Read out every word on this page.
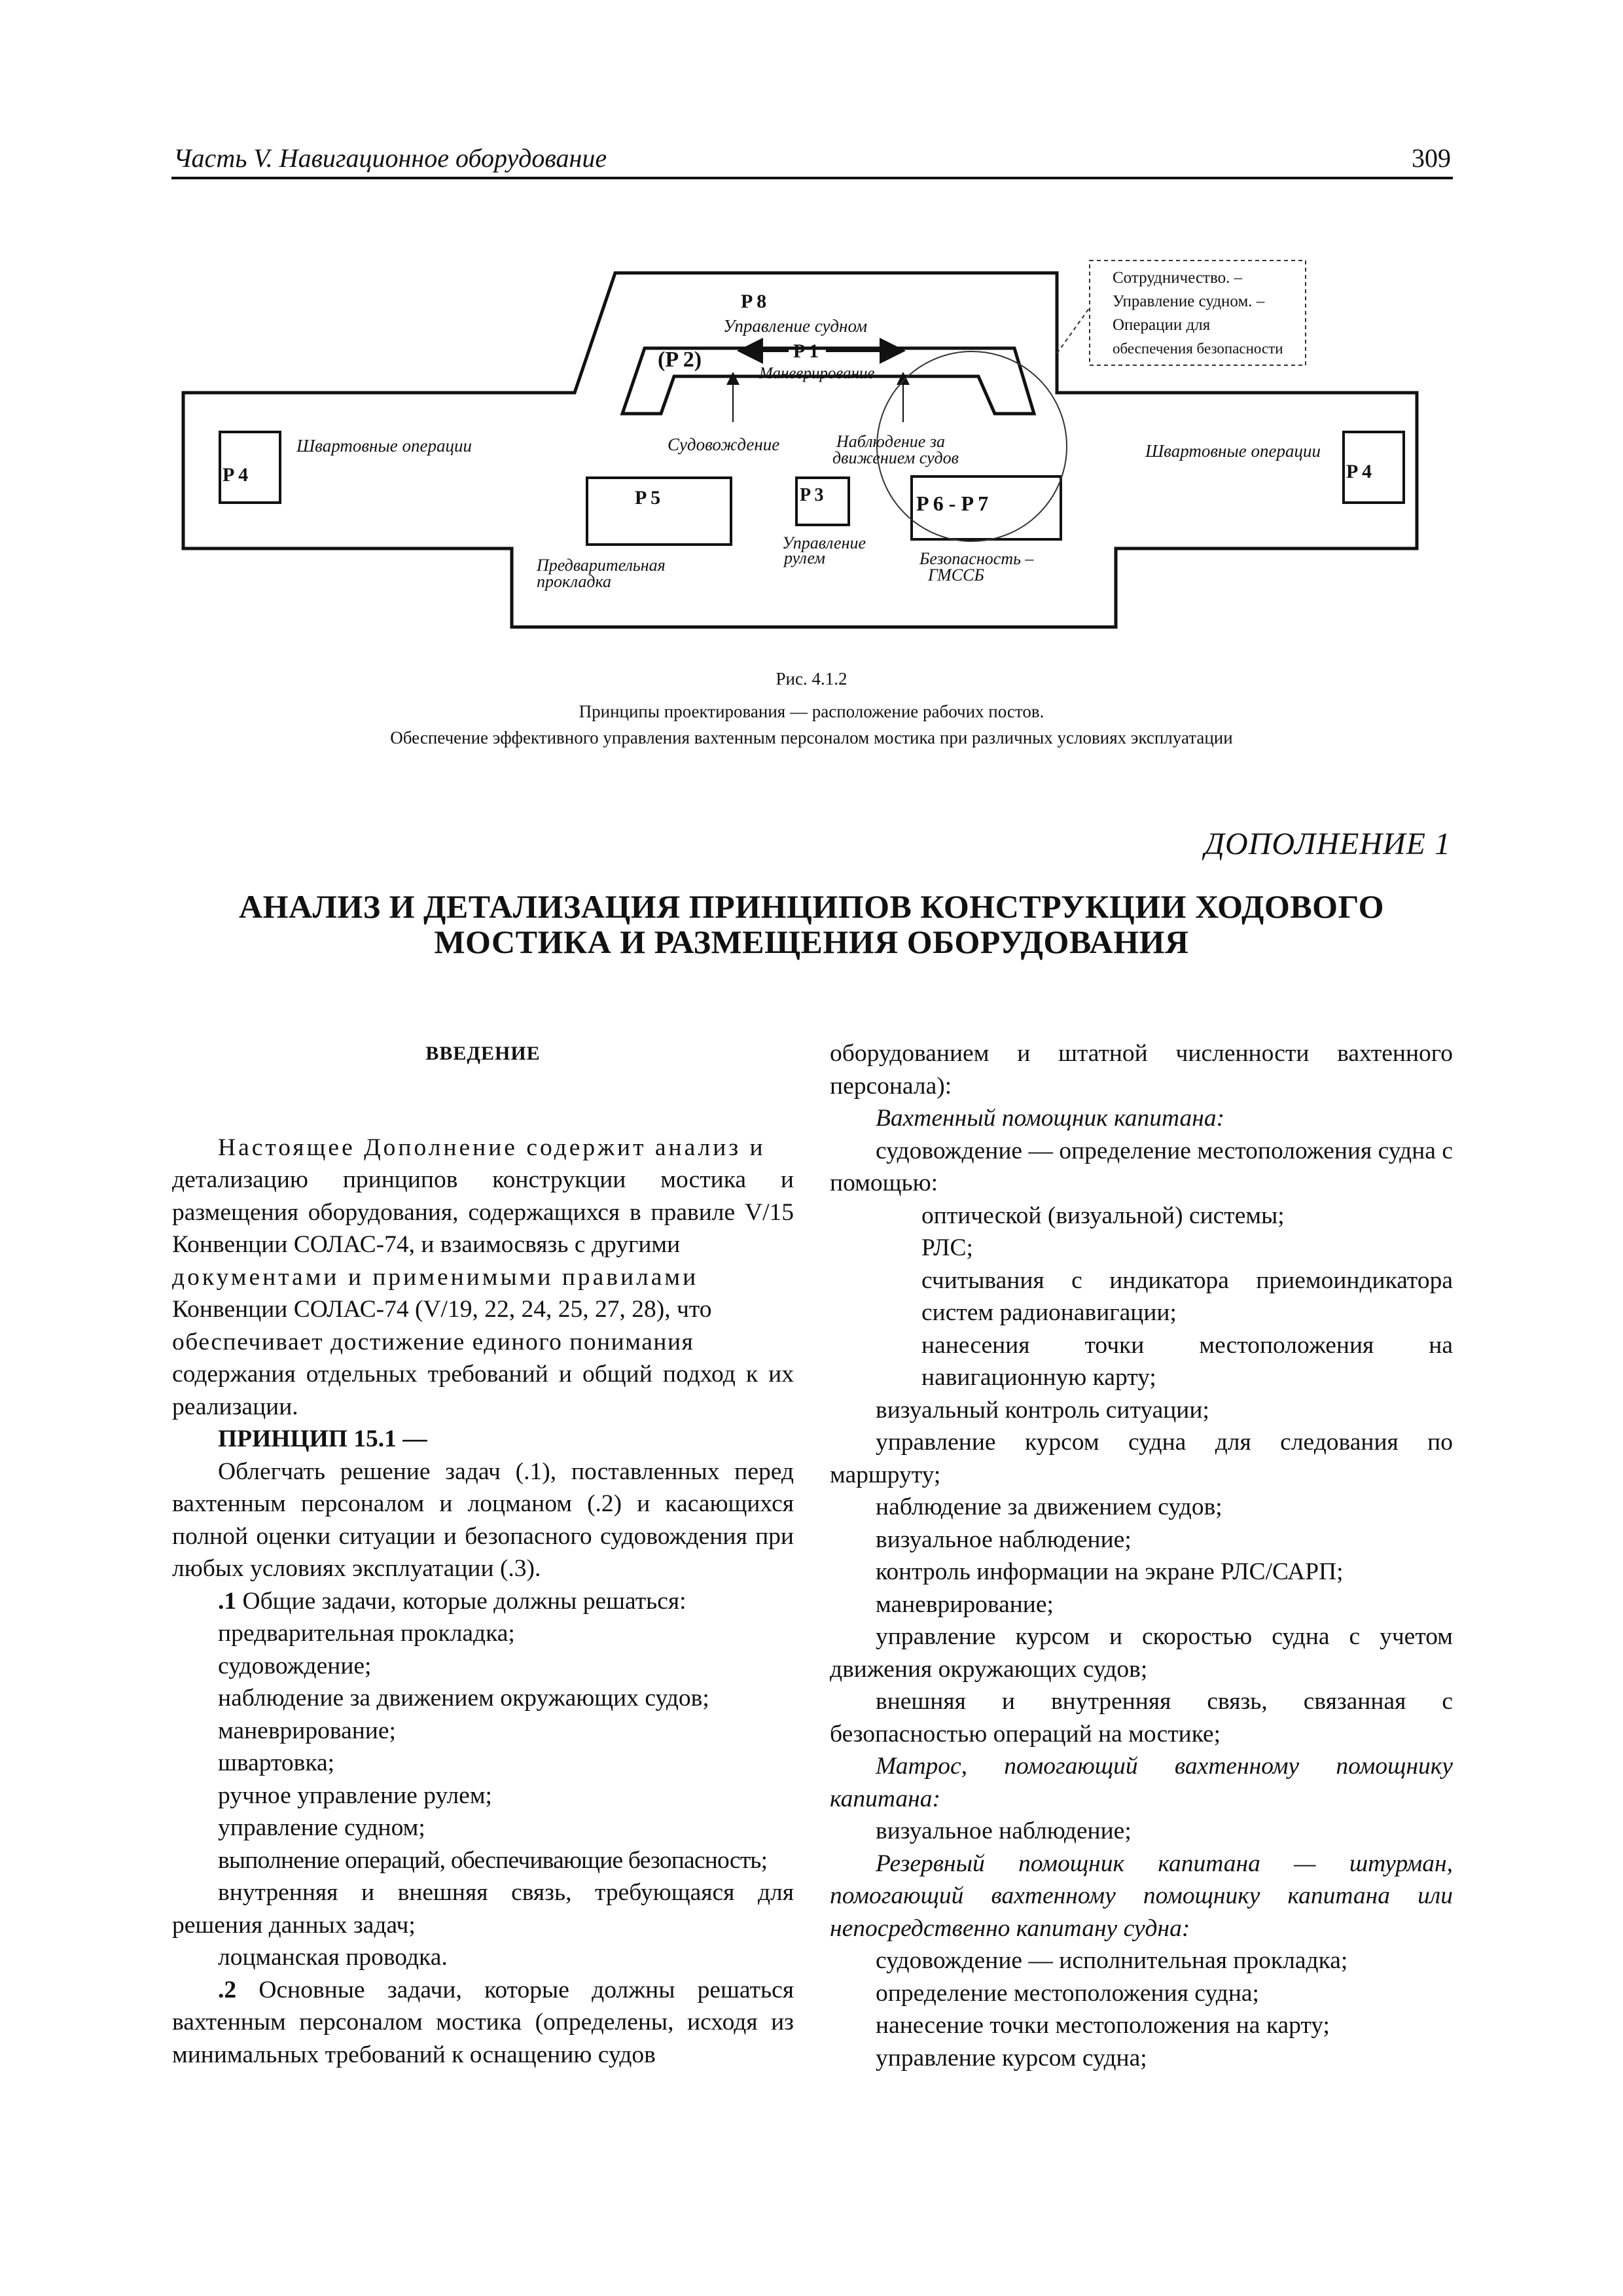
Часть V. Навигационное оборудование	309
P 4
Швартовные операции
P 4
Швартовные операции
P 8
Управление судном
(P 2)	P 1
Маневрирование
Судовождение	Наблюдение за
движением судов
P 5	P 3	P 6 - P 7
Управление
рулем
Предварительная
прокладка
Безопасность –
ГМССБ
Сотрудничество. –
Управление судном. –
Операции для
обеспечения безопасности
Рис. 4.1.2
Принципы проектирования — расположение рабочих постов.
Обеспечение эффективного управления вахтенным персоналом мостика при различных условиях эксплуатации
ДОПОЛНЕНИЕ 1
АНАЛИЗ И ДЕТАЛИЗАЦИЯ ПРИНЦИПОВ КОНСТРУКЦИИ ХОДОВОГО
МОСТИКА И РАЗМЕЩЕНИЯ ОБОРУДОВАНИЯ

ВВЕДЕНИЕ

Настоящее Дополнение содержит анализ и

детализацию принципов конструкции мостика и размещения оборудования, содержащихся в правиле V/15 Конвенции СОЛАС-74, и взаимосвязь с другими

документами и применимыми правилами

Конвенции СОЛАС-74 (V/19, 22, 24, 25, 27, 28), что

обеспечивает достижение единого понимания

содержания отдельных требований и общий подход к их реализации.

ПРИНЦИП 15.1 —

Облегчать решение задач (.1), поставленных перед вахтенным персоналом и лоцманом (.2) и касающихся полной оценки ситуации и безопасного судовождения при любых условиях эксплуатации (.3).

.1 Общие задачи, которые должны решаться:

предварительная прокладка;

судовождение;

наблюдение за движением окружающих судов;

маневрирование;

швартовка;

ручное управление рулем;

управление судном;

выполнение операций, обеспечивающие безопасность;

внутренняя и внешняя связь, требующаяся для решения данных задач;

лоцманская проводка.

.2 Основные задачи, которые должны решаться вахтенным персоналом мостика (определены, исходя из минимальных требований к оснащению судов

оборудованием и штатной численности вахтенного персонала):

Вахтенный помощник капитана:

судовождение — определение местоположения судна с помощью:

оптической (визуальной) системы;

РЛС;

считывания с индикатора приемоиндикатора систем радионавигации;

нанесения точки местоположения на навигационную карту;

визуальный контроль ситуации;

управление курсом судна для следования по маршруту;

наблюдение за движением судов;

визуальное наблюдение;

контроль информации на экране РЛС/САРП;

маневрирование;

управление курсом и скоростью судна с учетом движения окружающих судов;

внешняя и внутренняя связь, связанная с безопасностью операций на мостике;

Матрос, помогающий вахтенному помощнику капитана:

визуальное наблюдение;

Резервный помощник капитана — штурман, помогающий вахтенному помощнику капитана или непосредственно капитану судна:

судовождение — исполнительная прокладка;

определение местоположения судна;

нанесение точки местоположения на карту;

управление курсом судна;
